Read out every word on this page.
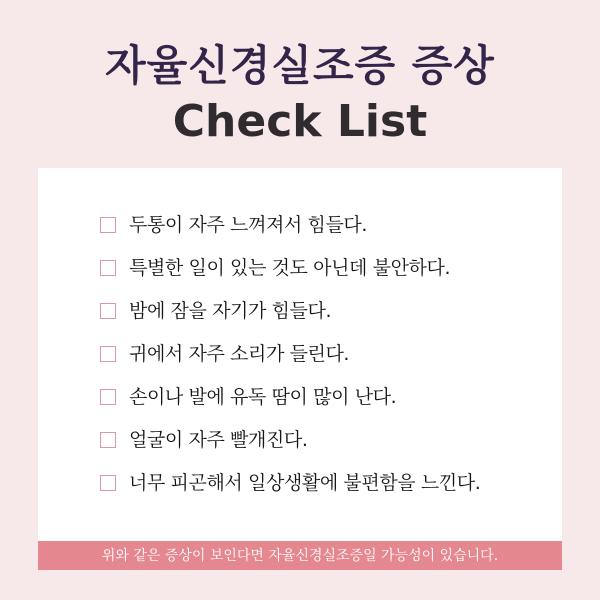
자율신경실조증 증상
Check List
두통이 자주 느껴져서 힘들다.
특별한 일이 있는 것도 아닌데 불안하다.
밤에 잠을 자기가 힘들다.
귀에서 자주 소리가 들린다.
손이나 발에 유독 땀이 많이 난다.
얼굴이 자주 빨개진다.
너무 피곤해서 일상생활에 불편함을 느낀다.
위와 같은 증상이 보인다면 자율신경실조증일 가능성이 있습니다.
